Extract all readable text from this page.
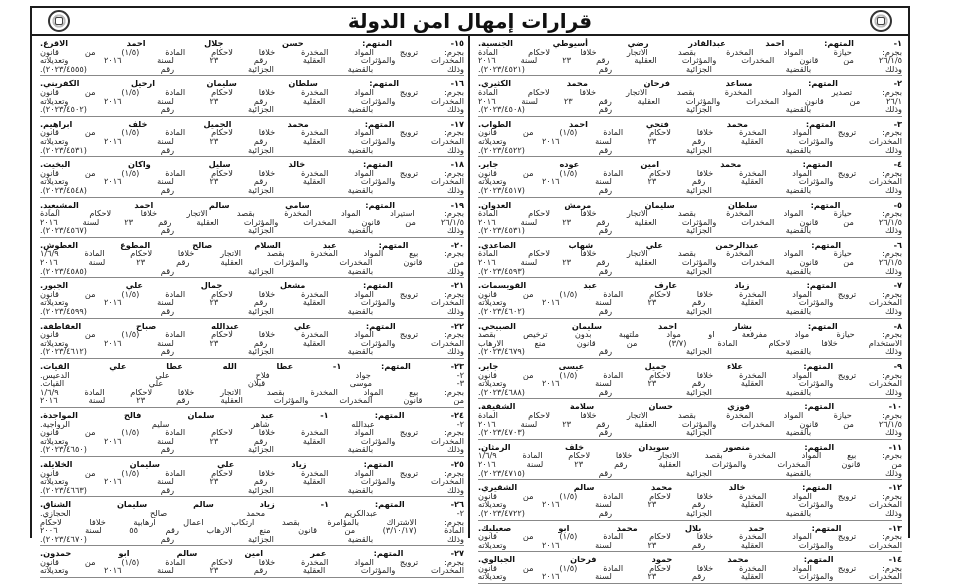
قرارات إمهال امن الدولة
١- المتهم: احمد عبدالقادر رضي أسيوطي الجنسية.
بجرم: حيازة المواد المخدرة بقصد الاتجار خلافا لاحكام المادة
٢٦/١/٥ من قانون المخدرات والمؤثرات العقلية رقم ٢٣ لسنة ٢٠١٦
وذلك بالقضية الجزائية رقم (٢٠٢٣/٤٥٢١).
٢- المتهم: مساعد فرحان محمد الكثيري.
بجرم: تصدير المواد المخدرة بقصد الاتجار خلافا لاحكام المادة
٢٦/١ من قانون المخدرات والمؤثرات العقلية رقم ٢٣ لسنة ٢٠١٦
وذلك بالقضية الجزائية رقم (٢٠٢٣/٤٥٠٨).
٣- المتهم: محمد فتحي احمد الطواب.
بجرم: ترويج المواد المخدرة خلافا لاحكام المادة (١/٥) من قانون
المخدرات والمؤثرات العقلية رقم ٢٣ لسنة ٢٠١٦ وتعديلاته
وذلك بالقضية الجزائية رقم (٢٠٢٣/٤٥٢٢).
٤- المتهم: محمد امين عوده جابر.
بجرم: ترويج المواد المخدرة خلافا لاحكام المادة (١/٥) من قانون
المخدرات والمؤثرات العقلية رقم ٢٣ لسنة ٢٠١٦ وتعديلاته
وذلك بالقضية الجزائية رقم (٢٠٢٣/٤٥١٧).
٥- المتهم: سلطان سليمان مرمش العدوان.
بجرم: حيازة المواد المخدرة بقصد الاتجار خلافا لاحكام المادة
٢٦/١/٥ من قانون المخدرات والمؤثرات العقلية رقم ٢٣ لسنة ٢٠١٦
وذلك بالقضية الجزائية رقم (٢٠٢٣/٤٥٣١).
٦- المتهم: عبدالرحمن علي شهاب الصاعدي.
بجرم: حيازة المواد المخدرة بقصد الاتجار خلافا لاحكام المادة
٢٦/١/٥ من قانون المخدرات والمؤثرات العقلية رقم ٢٣ لسنة ٢٠١٦
وذلك بالقضية الجزائية رقم (٢٠٢٣/٤٥٩٣).
٧- المتهم: زياد عارف عبد القويسمات.
بجرم: ترويج المواد المخدرة خلافا لاحكام المادة (١/٥) من قانون
المخدرات والمؤثرات العقلية رقم ٢٣ لسنة ٢٠١٦ وتعديلاته
وذلك بالقضية الجزائية رقم (٢٠٢٣/٤٦٠٢).
٨- المتهم: بشار احمد سليمان الصبيحي.
بجرم: حيازة مواد مفرقعة او مواد ملتهبة بدون ترخيص بقصد
الاستخدام خلافا لاحكام المادة (٣/٧) من قانون منع الارهاب
وذلك بالقضية الجزائية رقم (٢٠٢٣/٤٦٧٩).
٩- المتهم: علاء جميل عيسى جابر.
بجرم: ترويج المواد المخدرة خلافا لاحكام المادة (١/٥) من قانون
المخدرات والمؤثرات العقلية رقم ٢٣ لسنة ٢٠١٦ وتعديلاته
وذلك بالقضية الجزائية رقم (٢٠٢٣/٤٦٨٨).
١٠- المتهم: فوزي حسان سلامة الشقيفة.
بجرم: حيازة المواد المخدرة بقصد الاتجار خلافا لاحكام المادة
٢٦/١/٥ من قانون المخدرات والمؤثرات العقلية رقم ٢٣ لسنة ٢٠١٦
وذلك بالقضية الجزائية رقم (٢٠٢٣/٤٧٠٣).
١١- المتهم: منصور سويدان خلف الرمثان.
بجرم: بيع المواد المخدرة بقصد الاتجار خلافا لاحكام المادة ١/٦/٩
من قانون المخدرات والمؤثرات العقلية رقم ٢٣ لسنة ٢٠١٦
وذلك بالقضية الجزائية رقم (٢٠٢٣/٤٧١٥).
١٢- المتهم: خالد محمد سالم الشقيري.
بجرم: ترويج المواد المخدرة خلافا لاحكام المادة (١/٥) من قانون
المخدرات والمؤثرات العقلية رقم ٢٣ لسنة ٢٠١٦ وتعديلاته
وذلك بالقضية الجزائية رقم (٢٠٢٣/٤٧٢٢).
١٣- المتهم: حمد بلال محمد ابو صعيليك.
بجرم: ترويج المواد المخدرة خلافا لاحكام المادة (١/٥) من قانون
المخدرات والمؤثرات العقلية رقم ٢٣ لسنة ٢٠١٦ وتعديلاته
١٤- المتهم: محمد حمود فرحان الجبالوي.
بجرم: ترويج المواد المخدرة خلافا لاحكام المادة (١/٥) من قانون
المخدرات والمؤثرات العقلية رقم ٢٣ لسنة ٢٠١٦ وتعديلاته
١٥- المتهم: حسن جلال احمد الاقرع.
بجرم: ترويج المواد المخدرة خلافا لاحكام المادة (١/٥) من قانون
المخدرات والمؤثرات العقلية رقم ٢٣ لسنة ٢٠١٦ وتعديلاته
وذلك بالقضية الجزائية رقم (٢٠٢٣/٤٥٥٥).
١٦- المتهم: سلطان سليمان ارحيل الكفريني.
بجرم: ترويج المواد المخدرة خلافا لاحكام المادة (١/٥) من قانون
المخدرات والمؤثرات العقلية رقم ٢٣ لسنة ٢٠١٦ وتعديلاته
وذلك بالقضية الجزائية رقم (٢٠٢٣/٤٥٠٢).
١٧- المتهم: محمد الجميل خلف ابراهيم.
بجرم: ترويج المواد المخدرة خلافا لاحكام المادة (١/٥) من قانون
المخدرات والمؤثرات العقلية رقم ٢٣ لسنة ٢٠١٦ وتعديلاته
وذلك بالقضية الجزائية رقم (٢٠٢٣/٤٥٣١).
١٨- المتهم: خالد سليل واكان البخيت.
بجرم: ترويج المواد المخدرة خلافا لاحكام المادة (١/٥) من قانون
المخدرات والمؤثرات العقلية رقم ٢٣ لسنة ٢٠١٦ وتعديلاته
وذلك بالقضية الجزائية رقم (٢٠٢٣/٤٥٤٨).
١٩- المتهم: سامي سالم احمد المشيعيد.
بجرم: استيراد المواد المخدرة بقصد الاتجار خلافا لاحكام المادة
٢٦/١/٥ من قانون المخدرات والمؤثرات العقلية رقم ٢٣ لسنة ٢٠١٦
وذلك بالقضية الجزائية رقم (٢٠٢٣/٤٥٦٧).
٢٠- المتهم: عبد السلام صالح المطوع العطوش.
بجرم: بيع المواد المخدرة بقصد الاتجار خلافا لاحكام المادة ١/٦/٩
من قانون المخدرات والمؤثرات العقلية رقم ٢٣ لسنة ٢٠١٦
وذلك بالقضية الجزائية رقم (٢٠٢٣/٤٥٨٥).
٢١- المتهم: مشعل جمال علي الجبور.
بجرم: ترويج المواد المخدرة خلافا لاحكام المادة (١/٥) من قانون
المخدرات والمؤثرات العقلية رقم ٢٣ لسنة ٢٠١٦ وتعديلاته
وذلك بالقضية الجزائية رقم (٢٠٢٣/٤٥٩٩).
٢٢- المتهم: علي عبدالله صباح العقاطفة.
بجرم: ترويج المواد المخدرة خلافا لاحكام المادة (١/٥) من قانون
المخدرات والمؤثرات العقلية رقم ٢٣ لسنة ٢٠١٦ وتعديلاته
وذلك بالقضية الجزائية رقم (٢٠٢٣/٤٦١٢).
٢٣- المتهم: ١- عطا الله عطا علي القيات.
٢- جواد فلاح علي الدعيس.
٣- موسى قبلان علي القيات.
بجرم: بيع المواد المخدرة بقصد الاتجار خلافا لاحكام المادة ١/٦/٩
من قانون المخدرات والمؤثرات العقلية رقم ٢٣ لسنة ٢٠١٦
٢٤- المتهم: ١- عبد سلمان فالح المواجدة.
٢- عبدالله شاهر سليم الرواجية.
بجرم: ترويج المواد المخدرة خلافا لاحكام المادة (١/٥) من قانون
المخدرات والمؤثرات العقلية رقم ٢٣ لسنة ٢٠١٦ وتعديلاته
وذلك بالقضية الجزائية رقم (٢٠٢٣/٤٦٥٠).
٢٥- المتهم: زياد علي سليمان الخلايلة.
بجرم: ترويج المواد المخدرة خلافا لاحكام المادة (١/٥) من قانون
المخدرات والمؤثرات العقلية رقم ٢٣ لسنة ٢٠١٦ وتعديلاته
وذلك بالقضية الجزائية رقم (٢٠٢٣/٤٦٦٣).
٢٦- المتهم: ١- زياد سالم سليمان الشناق.
٢- عبدالكريم محمد صالح الحجازي.
بجرم: الاشتراك بالمؤامرة بقصد ارتكاب اعمال ارهابية خلافا لاحكام
المادة (٣/١٠/١٧) من قانون منع الارهاب رقم ٥٥ لسنة ٢٠٠٦
وذلك بالقضية الجزائية رقم (٢٠٢٣/٤٦٧٠).
٢٧- المتهم: عمر امين سالم ابو حمدون.
بجرم: ترويج المواد المخدرة خلافا لاحكام المادة (١/٥) من قانون
المخدرات والمؤثرات العقلية رقم ٢٣ لسنة ٢٠١٦ وتعديلاته
